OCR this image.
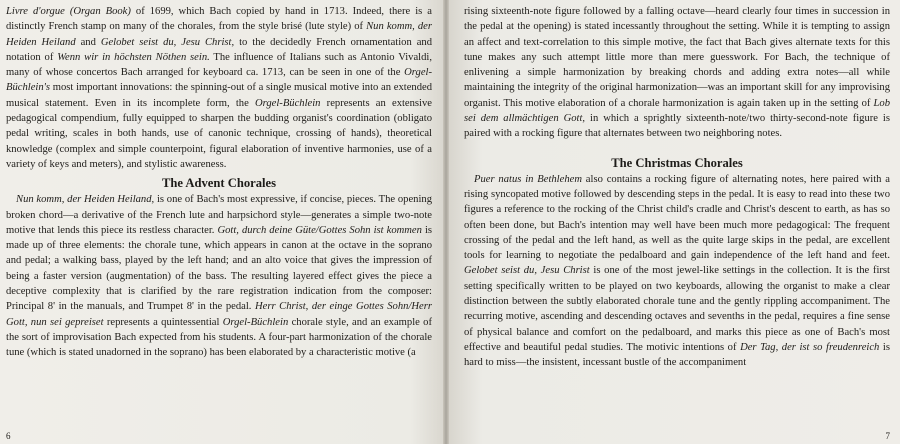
Livre d'orgue (Organ Book) of 1699, which Bach copied by hand in 1713. Indeed, there is a distinctly French stamp on many of the chorales, from the style brisé (lute style) of Nun komm, der Heiden Heiland and Gelobet seist du, Jesu Christ, to the decidedly French ornamentation and notation of Wenn wir in höchsten Nöthen sein. The influence of Italians such as Antonio Vivaldi, many of whose concertos Bach arranged for keyboard ca. 1713, can be seen in one of the Orgel-Büchlein's most important innovations: the spinning-out of a single musical motive into an extended musical statement. Even in its incomplete form, the Orgel-Büchlein represents an extensive pedagogical compendium, fully equipped to sharpen the budding organist's coordination (obligato pedal writing, scales in both hands, use of canonic technique, crossing of hands), theoretical knowledge (complex and simple counterpoint, figural elaboration of inventive harmonies, use of a variety of keys and meters), and stylistic awareness.

The Advent Chorales

Nun komm, der Heiden Heiland, is one of Bach's most expressive, if concise, pieces. The opening broken chord—a derivative of the French lute and harpsichord style—generates a simple two-note motive that lends this piece its restless character. Gott, durch deine Güte/Gottes Sohn ist kommen is made up of three elements: the chorale tune, which appears in canon at the octave in the soprano and pedal; a walking bass, played by the left hand; and an alto voice that gives the impression of being a faster version (augmentation) of the bass. The resulting layered effect gives the piece a deceptive complexity that is clarified by the rare registration indication from the composer: Principal 8' in the manuals, and Trumpet 8' in the pedal. Herr Christ, der einge Gottes Sohn/Herr Gott, nun sei gepreiset represents a quintessential Orgel-Büchlein chorale style, and an example of the sort of improvisation Bach expected from his students. A four-part harmonization of the chorale tune (which is stated unadorned in the soprano) has been elaborated by a characteristic motive (a

6

rising sixteenth-note figure followed by a falling octave—heard clearly four times in succession in the pedal at the opening) is stated incessantly throughout the setting. While it is tempting to assign an affect and text-correlation to this simple motive, the fact that Bach gives alternate texts for this tune makes any such attempt little more than mere guesswork. For Bach, the technique of enlivening a simple harmonization by breaking chords and adding extra notes—all while maintaining the integrity of the original harmonization—was an important skill for any improvising organist. This motive elaboration of a chorale harmonization is again taken up in the setting of Lob sei dem allmächtigen Gott, in which a sprightly sixteenth-note/two thirty-second-note figure is paired with a rocking figure that alternates between two neighboring notes.

The Christmas Chorales

Puer natus in Bethlehem also contains a rocking figure of alternating notes, here paired with a rising syncopated motive followed by descending steps in the pedal. It is easy to read into these two figures a reference to the rocking of the Christ child's cradle and Christ's descent to earth, as has so often been done, but Bach's intention may well have been much more pedagogical: The frequent crossing of the pedal and the left hand, as well as the quite large skips in the pedal, are excellent tools for learning to negotiate the pedalboard and gain independence of the left hand and feet. Gelobet seist du, Jesu Christ is one of the most jewel-like settings in the collection. It is the first setting specifically written to be played on two keyboards, allowing the organist to make a clear distinction between the subtly elaborated chorale tune and the gently rippling accompaniment. The recurring motive, ascending and descending octaves and sevenths in the pedal, requires a fine sense of physical balance and comfort on the pedalboard, and marks this piece as one of Bach's most effective and beautiful pedal studies. The motivic intentions of Der Tag, der ist so freudenreich is hard to miss—the insistent, incessant bustle of the accompaniment

7
